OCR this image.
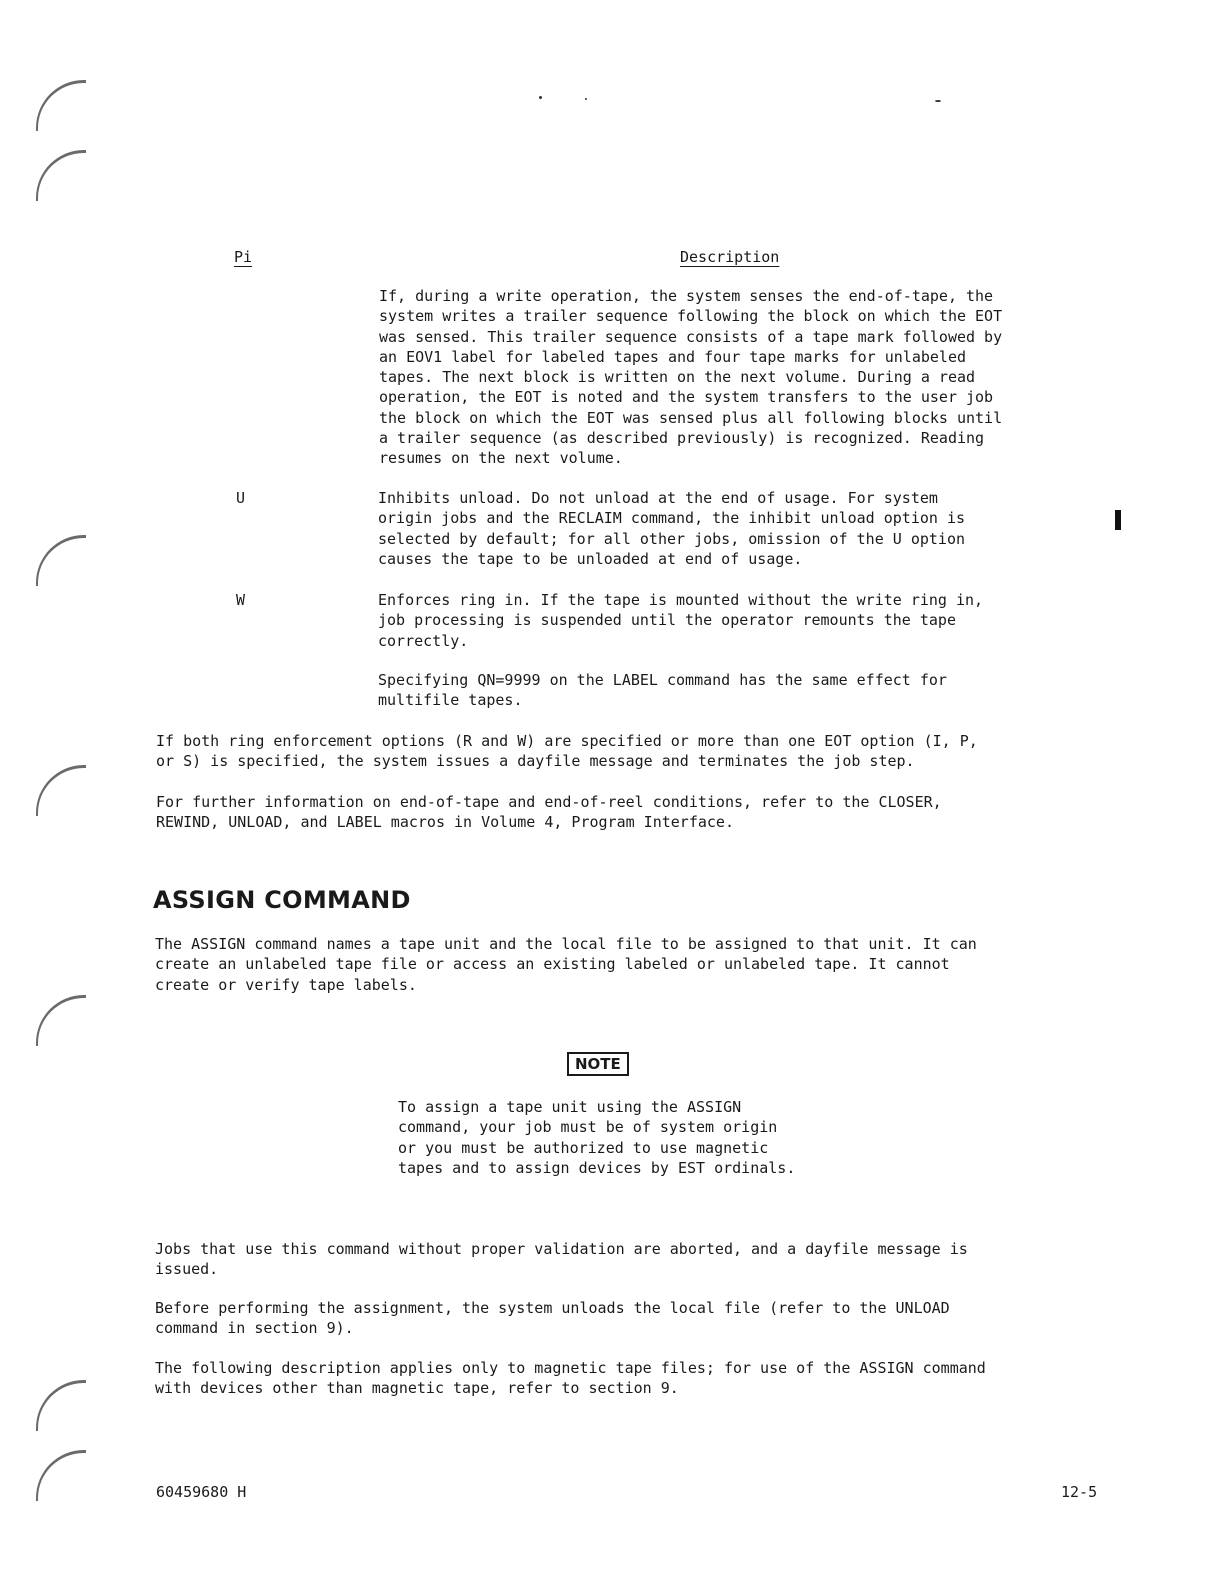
Pi	Description

If, during a write operation, the system senses the end-of-tape, the
system writes a trailer sequence following the block on which the EOT
was sensed. This trailer sequence consists of a tape mark followed by
an EOV1 label for labeled tapes and four tape marks for unlabeled
tapes. The next block is written on the next volume. During a read
operation, the EOT is noted and the system transfers to the user job
the block on which the EOT was sensed plus all following blocks until
a trailer sequence (as described previously) is recognized. Reading
resumes on the next volume.

U	Inhibits unload. Do not unload at the end of usage. For system
origin jobs and the RECLAIM command, the inhibit unload option is
selected by default; for all other jobs, omission of the U option
causes the tape to be unloaded at end of usage.

W	Enforces ring in. If the tape is mounted without the write ring in,
job processing is suspended until the operator remounts the tape
correctly.

Specifying QN=9999 on the LABEL command has the same effect for
multifile tapes.

If both ring enforcement options (R and W) are specified or more than one EOT option (I, P,
or S) is specified, the system issues a dayfile message and terminates the job step.

For further information on end-of-tape and end-of-reel conditions, refer to the CLOSER,
REWIND, UNLOAD, and LABEL macros in Volume 4, Program Interface.

ASSIGN COMMAND

The ASSIGN command names a tape unit and the local file to be assigned to that unit. It can
create an unlabeled tape file or access an existing labeled or unlabeled tape. It cannot
create or verify tape labels.

NOTE

To assign a tape unit using the ASSIGN
command, your job must be of system origin
or you must be authorized to use magnetic
tapes and to assign devices by EST ordinals.

Jobs that use this command without proper validation are aborted, and a dayfile message is
issued.

Before performing the assignment, the system unloads the local file (refer to the UNLOAD
command in section 9).

The following description applies only to magnetic tape files; for use of the ASSIGN command
with devices other than magnetic tape, refer to section 9.

60459680 H	12-5
